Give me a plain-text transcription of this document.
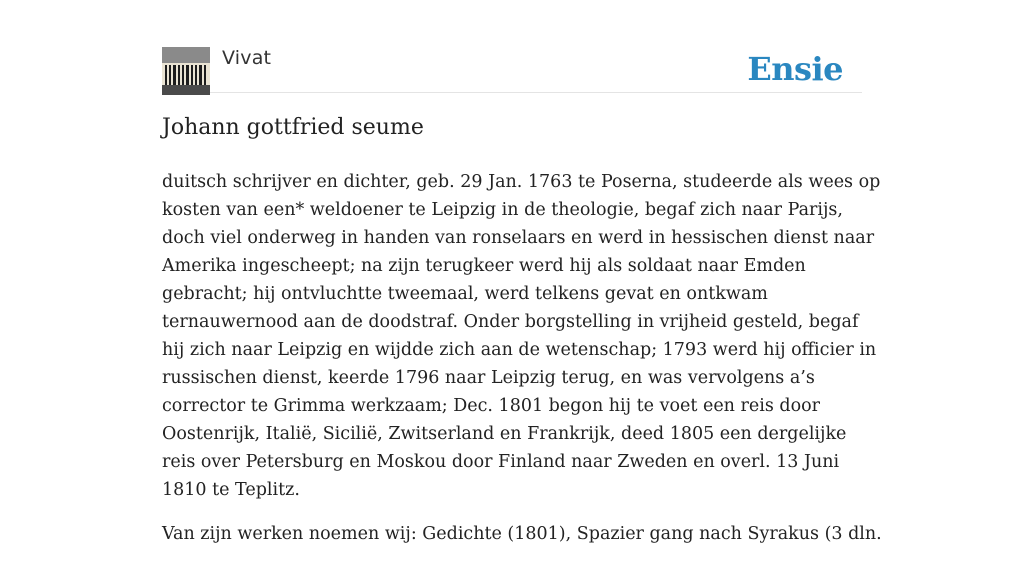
Vivat	Ensie
Johann gottfried seume

duitsch schrijver en dichter, geb. 29 Jan. 1763 te Poserna, studeerde als wees op kosten van een* weldoener te Leipzig in de theologie, begaf zich naar Parijs, doch viel onderweg in handen van ronselaars en werd in hessischen dienst naar Amerika ingescheept; na zijn terugkeer werd hij als soldaat naar Emden gebracht; hij ontvluchtte tweemaal, werd telkens gevat en ontkwam ternauwernood aan de doodstraf. Onder borgstelling in vrijheid gesteld, begaf hij zich naar Leipzig en wijdde zich aan de wetenschap; 1793 werd hij officier in russischen dienst, keerde 1796 naar Leipzig terug, en was vervolgens a’s corrector te Grimma werkzaam; Dec. 1801 begon hij te voet een reis door Oostenrijk, Italië, Sicilië, Zwitserland en Frankrijk, deed 1805 een dergelijke reis over Petersburg en Moskou door Finland naar Zweden en overl. 13 Juni 1810 te Teplitz.

Van zijn werken noemen wij: Gedichte (1801), Spazier gang nach Syrakus (3 dln.
